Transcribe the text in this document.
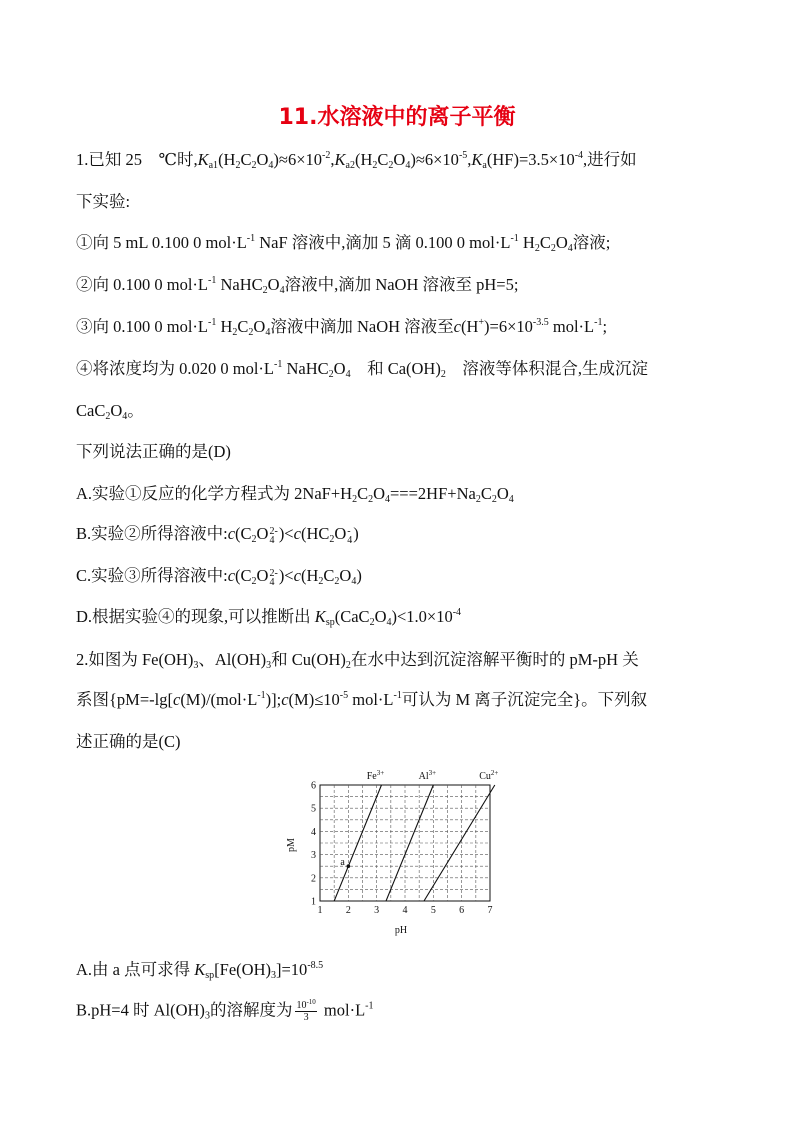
11.水溶液中的离子平衡
1.已知 25　℃时$,K_{a1}(H_2C_2O_4)\approx 6\times 10^{-2},K_{a2}(H_2C_2O_4)\approx 6\times 10^{-5},K_a(HF)=3.5\times 10^{-4}$,进行如
下实验:
①向 5 mL 0.100 0 $mol\cdot L^{-1}$ NaF 溶液中,滴加 5 滴 0.100 0 $mol\cdot L^{-1}$ $H_2C_2O_4$溶液;
②向 0.100 0 $mol\cdot L^{-1}$ $NaHC_2O_4$溶液中,滴加 NaOH 溶液至 pH=5;
③向 0.100 0 $mol\cdot L^{-1}$ $H_2C_2O_4$溶液中滴加 NaOH 溶液至$c(H^+)=6\times 10^{-3.5}$ $mol\cdot L^{-1}$;
④将浓度均为 0.020 0 $mol\cdot L^{-1}$ $NaHC_2O_4$　 和 $Ca(OH)_2$　 溶液等体积混合,生成沉淀
$CaC_2O_4$。
下列说法正确的是(D)
A.实验①反应的化学方程式为 $2NaF+H_2C_2O_4===2HF+Na_2C_2O_4$
B.实验②所得溶液中$:c(C_2O$ 2-
4 )$<c(HC_2O$ -
4 )
C.实验③所得溶液中$:c(C_2O$ 2-
4 )$<c(H_2C_2O_4)$
D.根据实验④的现象,可以推断出 $K_{sp}(CaC_2O_4)<1.0\times 10^{-4}$
2.如图为 $Fe(OH)_3$、$Al(OH)_3$和 $Cu(OH)_2$在水中达到沉淀溶解平衡时的 pM-pH 关
系图{$pM=-\lg[c(M)/(mol\cdot L^{-1})];c(M)\le 10^{-5}$ $mol\cdot L^{-1}$可认为 M 离子沉淀完全}。下列叙
述正确的是(C)
$Fe^{3+}$	$Al^{3+}$	$Cu^{2+}$
a
1 2 3 4 5 6 7
1
2
3
4
5
6
pH
pM
A.由 a 点可求得 $K_{sp}[Fe(OH)_3]=10^{-8.5}$
B.pH=4 时 $Al(OH)_3$的溶解度为 $\frac{10^{-10}}{3} mol\cdot L^{-1}$
